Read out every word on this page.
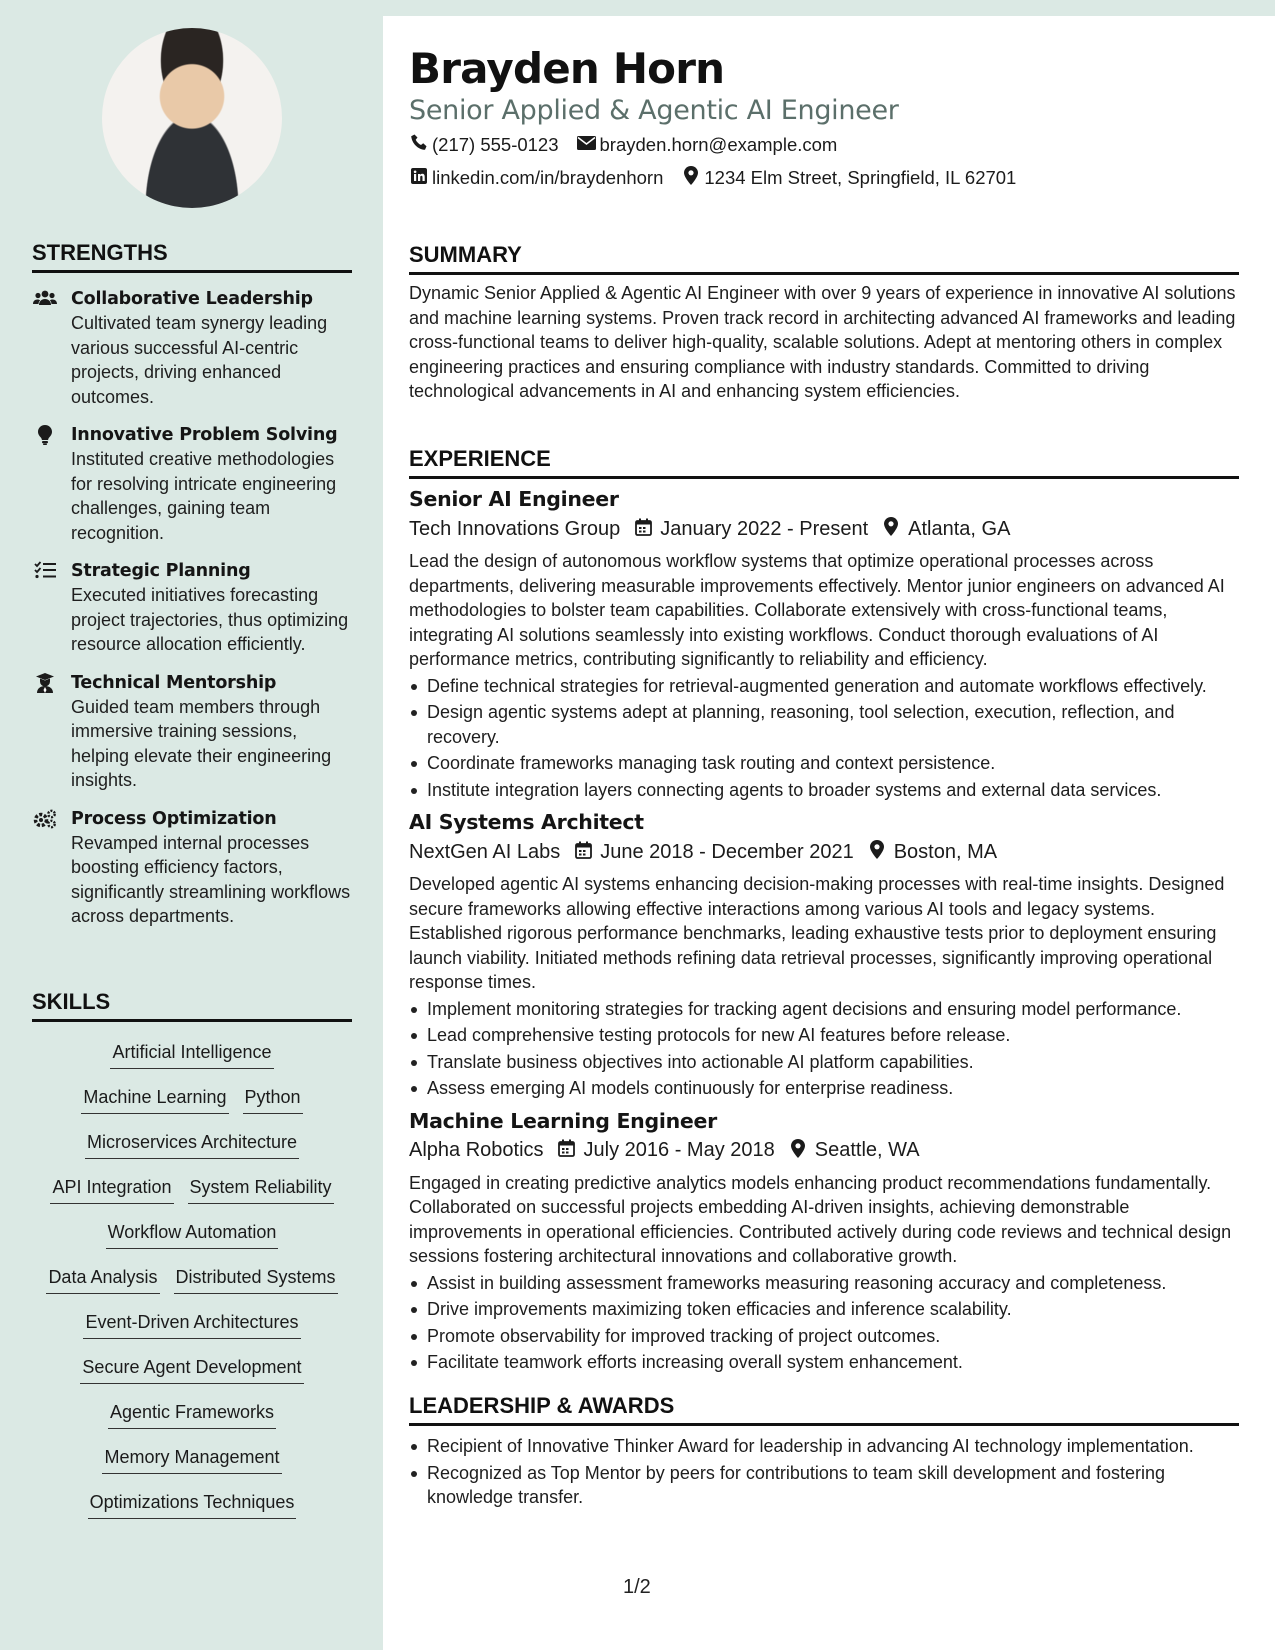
STRENGTHS
Collaborative Leadership
Cultivated team synergy leading various successful AI-centric projects, driving enhanced outcomes.
Innovative Problem Solving
Instituted creative methodologies for resolving intricate engineering challenges, gaining team recognition.
Strategic Planning
Executed initiatives forecasting project trajectories, thus optimizing resource allocation efficiently.
Technical Mentorship
Guided team members through immersive training sessions, helping elevate their engineering insights.
Process Optimization
Revamped internal processes boosting efficiency factors, significantly streamlining workflows across departments.
SKILLS
Artificial Intelligence
Machine Learning Python
Microservices Architecture
API Integration System Reliability
Workflow Automation
Data Analysis Distributed Systems
Event-Driven Architectures
Secure Agent Development
Agentic Frameworks
Memory Management
Optimizations Techniques
Brayden Horn
Senior Applied & Agentic AI Engineer
(217) 555-0123 brayden.horn@example.com
linkedin.com/in/braydenhorn 1234 Elm Street, Springfield, IL 62701
SUMMARY
Dynamic Senior Applied & Agentic AI Engineer with over 9 years of experience in innovative AI solutions and machine learning systems. Proven track record in architecting advanced AI frameworks and leading cross-functional teams to deliver high-quality, scalable solutions. Adept at mentoring others in complex engineering practices and ensuring compliance with industry standards. Committed to driving technological advancements in AI and enhancing system efficiencies.
EXPERIENCE
Senior AI Engineer
Tech Innovations Group January 2022 - Present Atlanta, GA
Lead the design of autonomous workflow systems that optimize operational processes across departments, delivering measurable improvements effectively. Mentor junior engineers on advanced AI methodologies to bolster team capabilities. Collaborate extensively with cross-functional teams, integrating AI solutions seamlessly into existing workflows. Conduct thorough evaluations of AI performance metrics, contributing significantly to reliability and efficiency.
Define technical strategies for retrieval-augmented generation and automate workflows effectively.
Design agentic systems adept at planning, reasoning, tool selection, execution, reflection, and recovery.
Coordinate frameworks managing task routing and context persistence.
Institute integration layers connecting agents to broader systems and external data services.
AI Systems Architect
NextGen AI Labs June 2018 - December 2021 Boston, MA
Developed agentic AI systems enhancing decision-making processes with real-time insights. Designed secure frameworks allowing effective interactions among various AI tools and legacy systems. Established rigorous performance benchmarks, leading exhaustive tests prior to deployment ensuring launch viability. Initiated methods refining data retrieval processes, significantly improving operational response times.
Implement monitoring strategies for tracking agent decisions and ensuring model performance.
Lead comprehensive testing protocols for new AI features before release.
Translate business objectives into actionable AI platform capabilities.
Assess emerging AI models continuously for enterprise readiness.
Machine Learning Engineer
Alpha Robotics July 2016 - May 2018 Seattle, WA
Engaged in creating predictive analytics models enhancing product recommendations fundamentally. Collaborated on successful projects embedding AI-driven insights, achieving demonstrable improvements in operational efficiencies. Contributed actively during code reviews and technical design sessions fostering architectural innovations and collaborative growth.
Assist in building assessment frameworks measuring reasoning accuracy and completeness.
Drive improvements maximizing token efficacies and inference scalability.
Promote observability for improved tracking of project outcomes.
Facilitate teamwork efforts increasing overall system enhancement.
LEADERSHIP & AWARDS
Recipient of Innovative Thinker Award for leadership in advancing AI technology implementation.
Recognized as Top Mentor by peers for contributions to team skill development and fostering knowledge transfer.
1/2
